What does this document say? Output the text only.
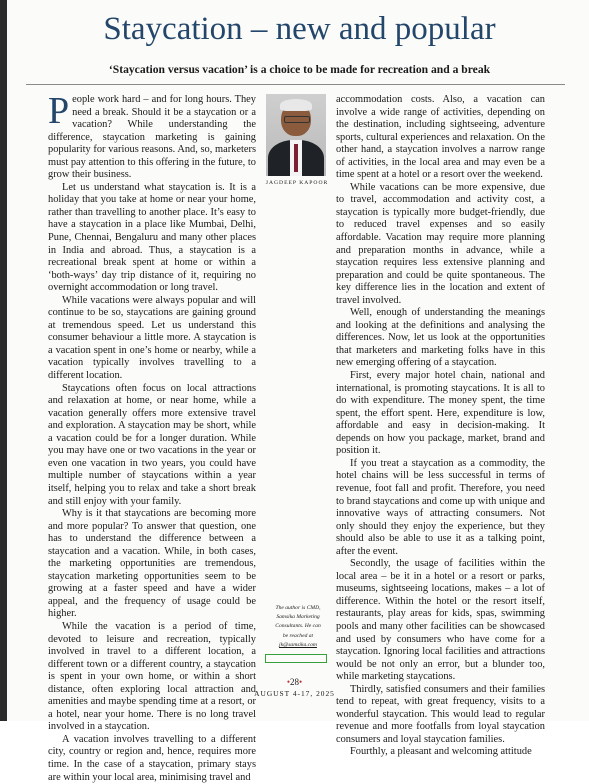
Staycation – new and popular
‘Staycation versus vacation’ is a choice to be made for recreation and a break

People work hard – and for long hours. They need a break. Should it be a staycation or a vacation? While understanding the difference, staycation marketing is gaining popularity for various reasons. And, so, marketers must pay attention to this offering in the future, to grow their business.

Let us understand what staycation is. It is a holiday that you take at home or near your home, rather than travelling to another place. It’s easy to have a staycation in a place like Mumbai, Delhi, Pune, Chennai, Bengaluru and many other places in India and abroad. Thus, a staycation is a recreational break spent at home or within a ‘both-ways’ day trip distance of it, requiring no overnight accommodation or long travel.

While vacations were always popular and will continue to be so, staycations are gaining ground at tremendous speed. Let us understand this consumer behaviour a little more. A staycation is a vacation spent in one’s home or nearby, while a vacation typically involves travelling to a different location.

Staycations often focus on local attractions and relaxation at home, or near home, while a vacation generally offers more extensive travel and exploration. A staycation may be short, while a vacation could be for a longer duration. While you may have one or two vacations in the year or even one vacation in two years, you could have multiple number of staycations within a year itself, helping you to relax and take a short break and still enjoy with your family.

Why is it that staycations are becoming more and more popular? To answer that question, one has to understand the difference between a staycation and a vacation. While, in both cases, the marketing opportunities are tremendous, staycation marketing opportunities seem to be growing at a faster speed and have a wider appeal, and the frequency of usage could be higher.

While the vacation is a period of time, devoted to leisure and recreation, typically involved in travel to a different location, a different town or a different country, a staycation is spent in your own home, or within a short distance, often exploring local attraction and amenities and maybe spending time at a resort, or a hotel, near your home. There is no long travel involved in a staycation.

A vacation involves travelling to a different city, country or region and, hence, requires more time. In the case of a staycation, primary stays are within your local area, minimising travel and

JAGDEEP KAPOOR
The author is CMD,
Samsika Marketing
Consultants. He can
be reached at
jk@samsika.com

accommodation costs. Also, a vacation can involve a wide range of activities, depending on the destination, including sightseeing, adventure sports, cultural experiences and relaxation. On the other hand, a staycation involves a narrow range of activities, in the local area and may even be a time spent at a hotel or a resort over the weekend.

While vacations can be more expensive, due to travel, accommodation and activity cost, a staycation is typically more budget-friendly, due to reduced travel expenses and so easily affordable. Vacation may require more planning and preparation months in advance, while a staycation requires less extensive planning and preparation and could be quite spontaneous. The key difference lies in the location and extent of travel involved.

Well, enough of understanding the meanings and looking at the definitions and analysing the differences. Now, let us look at the opportunities that marketers and marketing folks have in this new emerging offering of a staycation.

First, every major hotel chain, national and international, is promoting staycations. It is all to do with expenditure. The money spent, the time spent, the effort spent. Here, expenditure is low, affordable and easy in decision-making. It depends on how you package, market, brand and position it.

If you treat a staycation as a commodity, the hotel chains will be less successful in terms of revenue, foot fall and profit. Therefore, you need to brand staycations and come up with unique and innovative ways of attracting consumers. Not only should they enjoy the experience, but they should also be able to use it as a talking point, after the event.

Secondly, the usage of facilities within the local area – be it in a hotel or a resort or parks, museums, sightseeing locations, makes – a lot of difference. Within the hotel or the resort itself, restaurants, play areas for kids, spas, swimming pools and many other facilities can be showcased and used by consumers who have come for a staycation. Ignoring local facilities and attractions would be not only an error, but a blunder too, while marketing staycations.

Thirdly, satisfied consumers and their families tend to repeat, with great frequency, visits to a wonderful staycation. This would lead to regular revenue and more footfalls from loyal staycation consumers and loyal staycation families.

Fourthly, a pleasant and welcoming attitude

•28•
AUGUST 4-17, 2025
